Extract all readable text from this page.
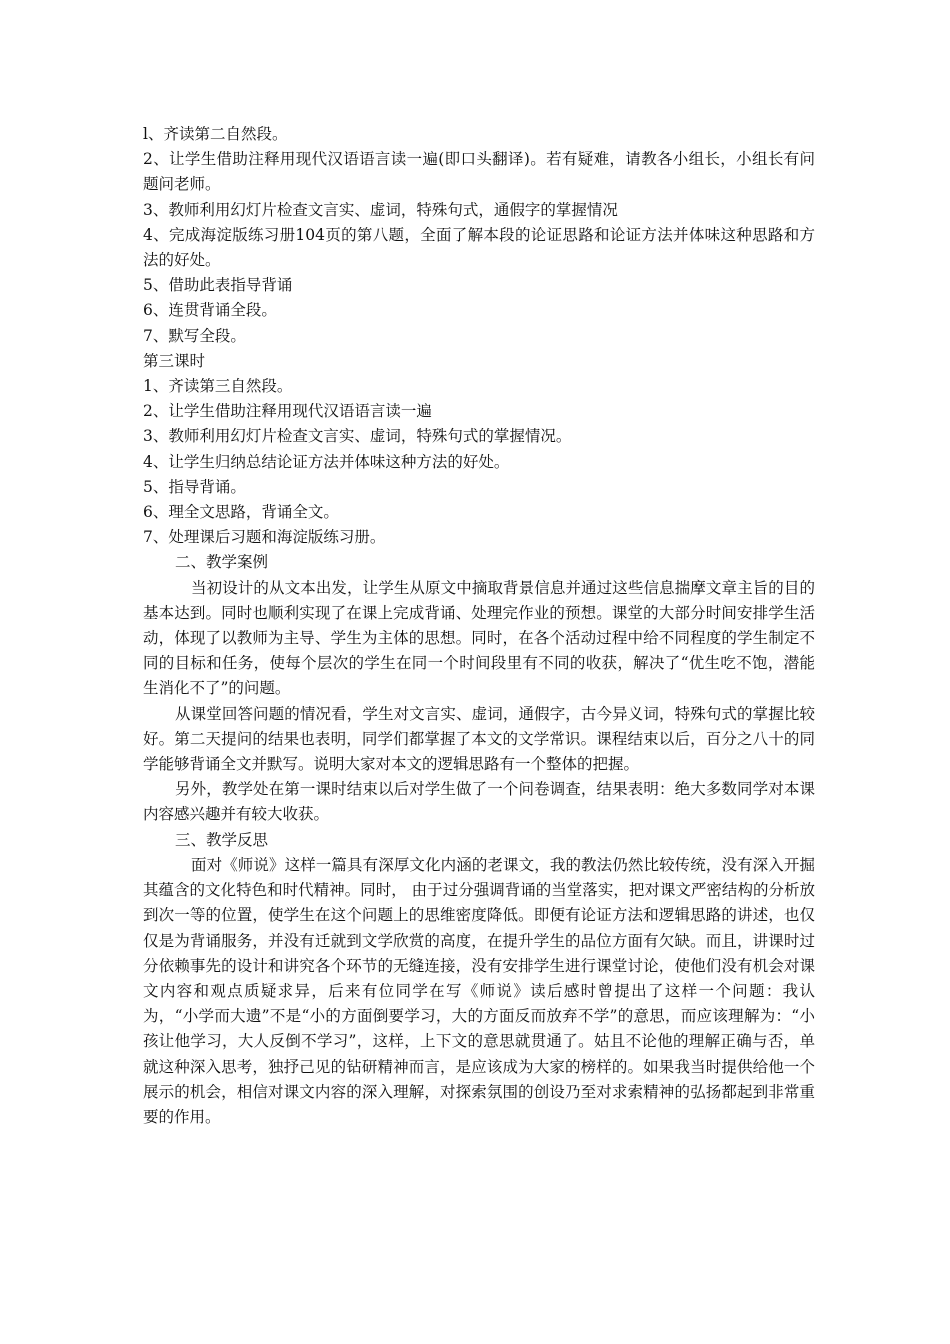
l、齐读第二自然段。

2、让学生借助注释用现代汉语语言读一遍(即口头翻译)。若有疑难，请教各小组长，小组长有问题问老师。

3、教师利用幻灯片检查文言实、虚词，特殊句式，通假字的掌握情况

4、完成海淀版练习册104页的第八题，全面了解本段的论证思路和论证方法并体味这种思路和方法的好处。

5、借助此表指导背诵

6、连贯背诵全段。

7、默写全段。

第三课时

1、齐读第三自然段。

2、让学生借助注释用现代汉语语言读一遍

3、教师利用幻灯片检查文言实、虚词，特殊句式的掌握情况。

4、让学生归纳总结论证方法并体味这种方法的好处。

5、指导背诵。

6、理全文思路，背诵全文。

7、处理课后习题和海淀版练习册。

二、教学案例

当初设计的从文本出发，让学生从原文中摘取背景信息并通过这些信息揣摩文章主旨的目的基本达到。同时也顺利实现了在课上完成背诵、处理完作业的预想。课堂的大部分时间安排学生活动，体现了以教师为主导、学生为主体的思想。同时，在各个活动过程中给不同程度的学生制定不同的目标和任务，使每个层次的学生在同一个时间段里有不同的收获，解决了“优生吃不饱，潜能生消化不了”的问题。

从课堂回答问题的情况看，学生对文言实、虚词，通假字，古今异义词，特殊句式的掌握比较好。第二天提问的结果也表明，同学们都掌握了本文的文学常识。课程结束以后，百分之八十的同学能够背诵全文并默写。说明大家对本文的逻辑思路有一个整体的把握。

另外，教学处在第一课时结束以后对学生做了一个问卷调查，结果表明：绝大多数同学对本课内容感兴趣并有较大收获。

三、教学反思

面对《师说》这样一篇具有深厚文化内涵的老课文，我的教法仍然比较传统，没有深入开掘其蕴含的文化特色和时代精神。同时， 由于过分强调背诵的当堂落实，把对课文严密结构的分析放到次一等的位置，使学生在这个问题上的思维密度降低。即便有论证方法和逻辑思路的讲述，也仅仅是为背诵服务，并没有迁就到文学欣赏的高度，在提升学生的品位方面有欠缺。而且，讲课时过分依赖事先的设计和讲究各个环节的无缝连接，没有安排学生进行课堂讨论，使他们没有机会对课文内容和观点质疑求异，后来有位同学在写《师说》读后感时曾提出了这样一个问题：我认为，“小学而大遗”不是“小的方面倒要学习，大的方面反而放弃不学”的意思，而应该理解为：“小孩让他学习，大人反倒不学习”，这样，上下文的意思就贯通了。姑且不论他的理解正确与否，单就这种深入思考，独抒己见的钻研精神而言，是应该成为大家的榜样的。如果我当时提供给他一个展示的机会，相信对课文内容的深入理解，对探索氛围的创设乃至对求索精神的弘扬都起到非常重要的作用。
